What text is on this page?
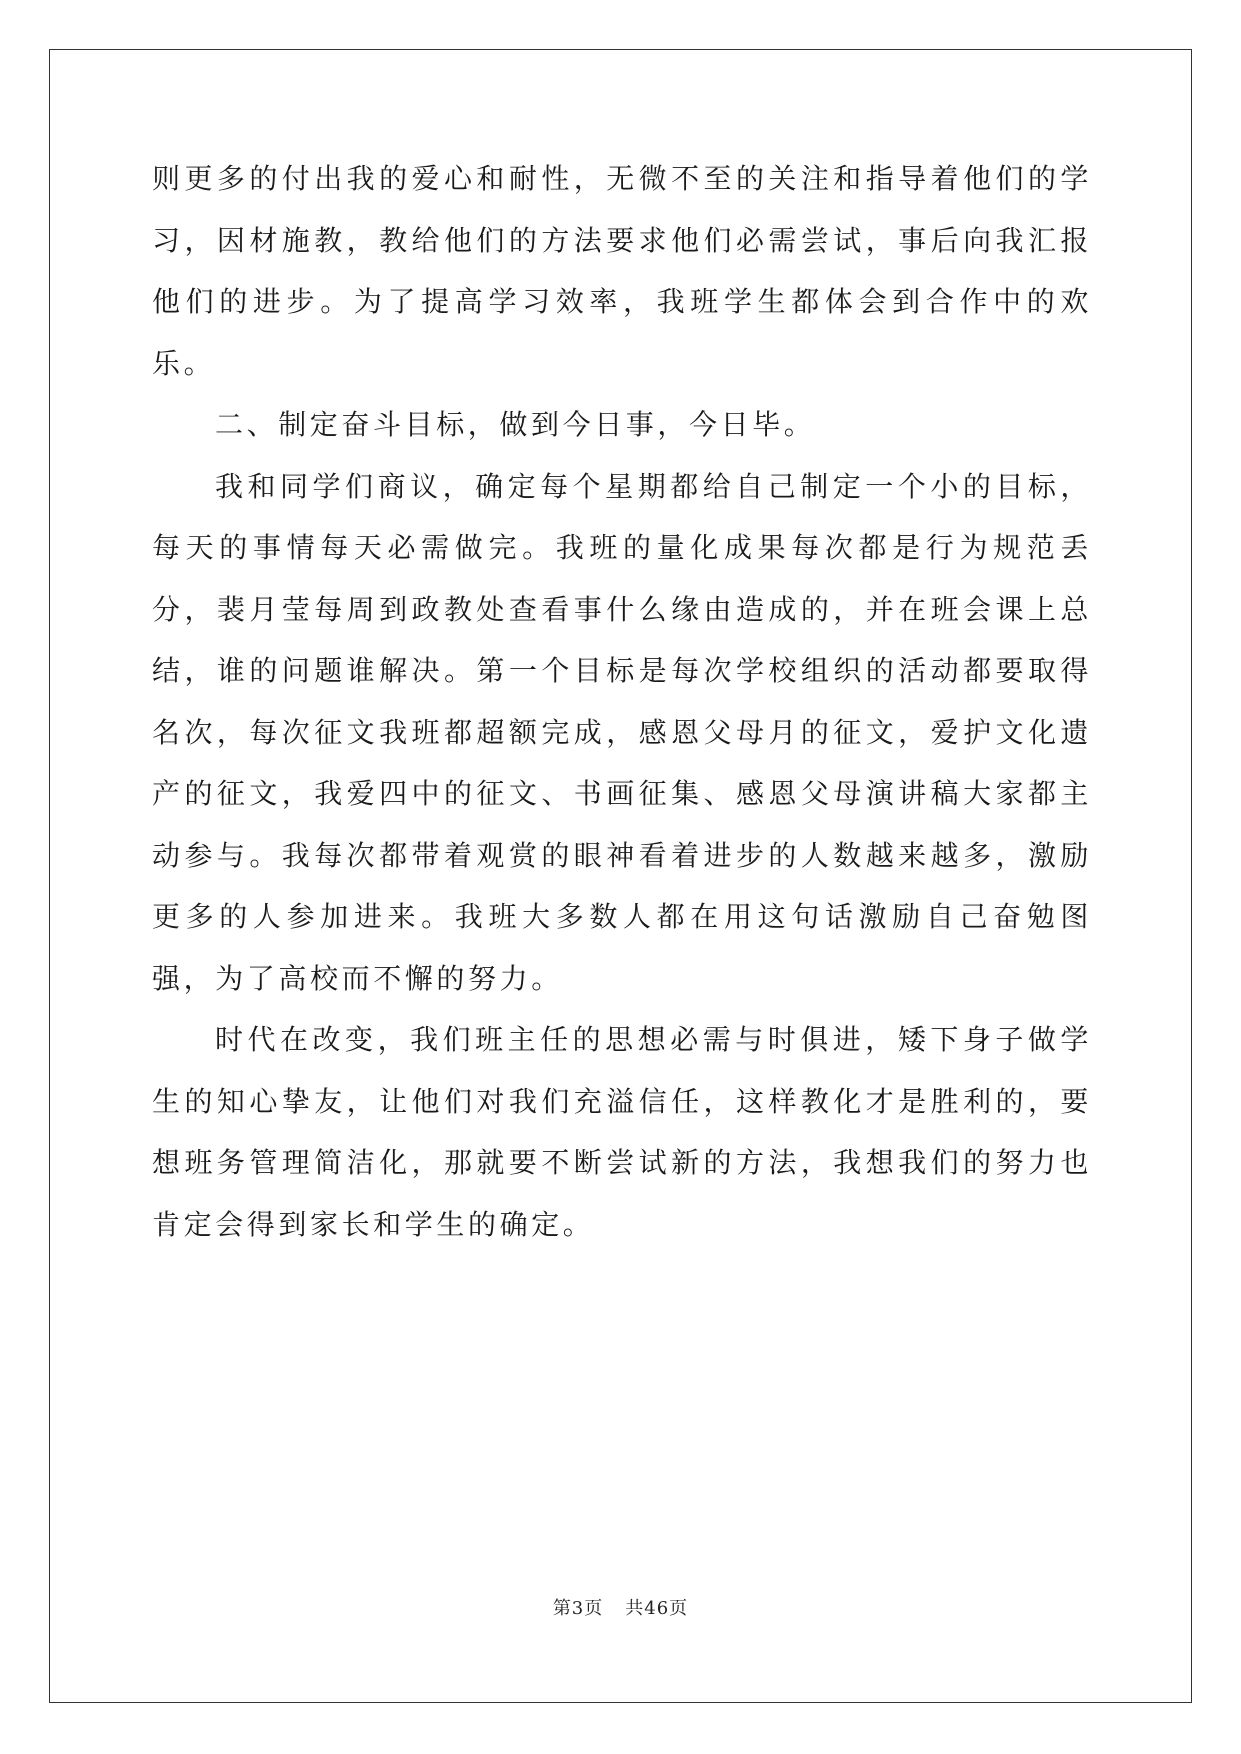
则更多的付出我的爱心和耐性，无微不至的关注和指导着他们的学习，因材施教，教给他们的方法要求他们必需尝试，事后向我汇报他们的进步。为了提高学习效率，我班学生都体会到合作中的欢乐。

二、制定奋斗目标，做到今日事，今日毕。

我和同学们商议，确定每个星期都给自己制定一个小的目标，每天的事情每天必需做完。我班的量化成果每次都是行为规范丢分，裴月莹每周到政教处查看事什么缘由造成的，并在班会课上总结，谁的问题谁解决。第一个目标是每次学校组织的活动都要取得名次，每次征文我班都超额完成，感恩父母月的征文，爱护文化遗产的征文，我爱四中的征文、书画征集、感恩父母演讲稿大家都主动参与。我每次都带着观赏的眼神看着进步的人数越来越多，激励更多的人参加进来。我班大多数人都在用这句话激励自己奋勉图强，为了高校而不懈的努力。

时代在改变，我们班主任的思想必需与时俱进，矮下身子做学生的知心挚友，让他们对我们充溢信任，这样教化才是胜利的，要想班务管理简洁化，那就要不断尝试新的方法，我想我们的努力也肯定会得到家长和学生的确定。

第3页 共46页
